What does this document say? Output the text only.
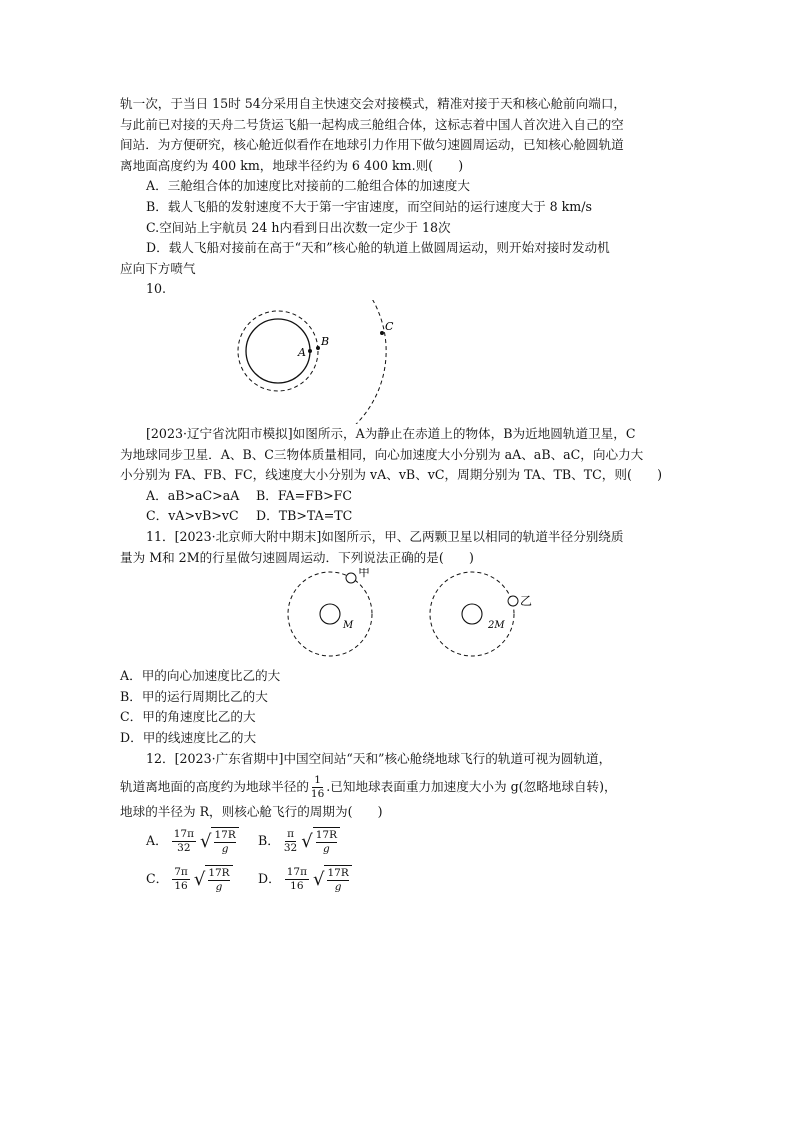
轨一次，于当日 15时 54分采用自主快速交会对接模式，精准对接于天和核心舱前向端口，

与此前已对接的天舟二号货运飞船一起构成三舱组合体，这标志着中国人首次进入自己的空

间站．为方便研究，核心舱近似看作在地球引力作用下做匀速圆周运动，已知核心舱圆轨道

离地面高度约为 400 km，地球半径约为 6 400 km.则(　　)

A．三舱组合体的加速度比对接前的二舱组合体的加速度大

B．载人飞船的发射速度不大于第一宇宙速度，而空间站的运行速度大于 8 km/s

C.空间站上宇航员 24 h内看到日出次数一定少于 18次

D．载人飞船对接前在高于“天和”核心舱的轨道上做圆周运动，则开始对接时发动机

应向下方喷气

10.

A
B
C

[2023·辽宁省沈阳市模拟]如图所示，A为静止在赤道上的物体，B为近地圆轨道卫星，C

为地球同步卫星．A、B、C三物体质量相同，向心加速度大小分别为 aA、aB、aC，向心力大

小分别为 FA、FB、FC，线速度大小分别为 vA、vB、vC，周期分别为 TA、TB、TC，则(　　)

A．aB>aC>aA	B．FA=FB>FC
C．vA>vB>vC	D．TB>TA=TC

11．[2023·北京师大附中期末]如图所示，甲、乙两颗卫星以相同的轨道半径分别绕质

量为 M和 2M的行星做匀速圆周运动．下列说法正确的是(　　)

甲
M
乙
2M

A．甲的向心加速度比乙的大

B．甲的运行周期比乙的大

C．甲的角速度比乙的大

D．甲的线速度比乙的大

12．[2023·广东省期中]中国空间站“天和”核心舱绕地球飞行的轨道可视为圆轨道，

轨道离地面的高度约为地球半径的 $\frac{1}{16}$ .已知地球表面重力加速度大小为 g(忽略地球自转)，

地球的半径为 R，则核心舱飞行的周期为(　　)

A． $\frac{17\pi}{32}$ √ 17R
g
B． $\frac{\pi}{32}$ √ 17R
g
C． $\frac{7\pi}{16}$ √ 17R
g
D． $\frac{17\pi}{16}$ √ 17R
g
